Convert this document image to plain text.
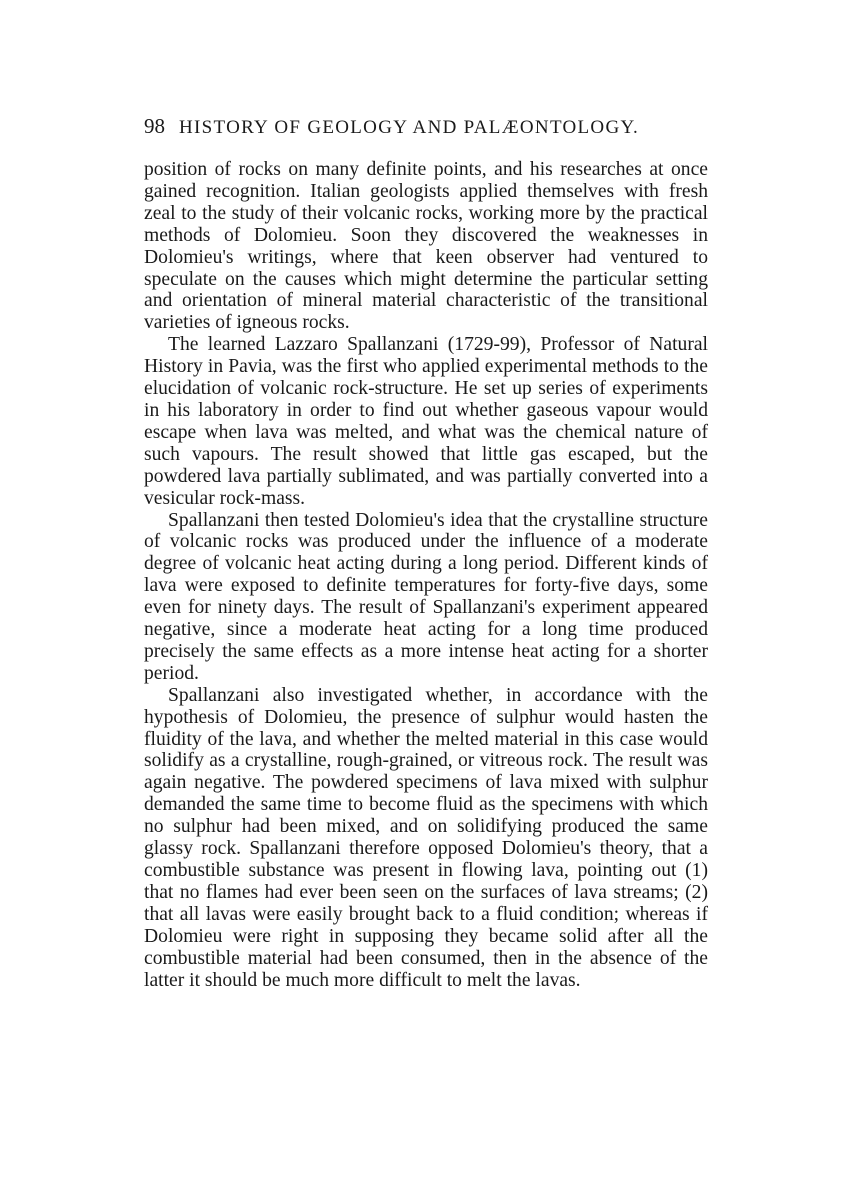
98 HISTORY OF GEOLOGY AND PALÆONTOLOGY.

position of rocks on many definite points, and his researches at once gained recognition. Italian geologists applied themselves with fresh zeal to the study of their volcanic rocks, working more by the practical methods of Dolomieu. Soon they discovered the weaknesses in Dolomieu's writings, where that keen observer had ventured to speculate on the causes which might determine the particular setting and orientation of mineral material characteristic of the transitional varieties of igneous rocks.

The learned Lazzaro Spallanzani (1729-99), Professor of Natural History in Pavia, was the first who applied experimental methods to the elucidation of volcanic rock-structure. He set up series of experiments in his laboratory in order to find out whether gaseous vapour would escape when lava was melted, and what was the chemical nature of such vapours. The result showed that little gas escaped, but the powdered lava partially sublimated, and was partially converted into a vesicular rock-mass.

Spallanzani then tested Dolomieu's idea that the crystalline structure of volcanic rocks was produced under the influence of a moderate degree of volcanic heat acting during a long period. Different kinds of lava were exposed to definite temperatures for forty-five days, some even for ninety days. The result of Spallanzani's experiment appeared negative, since a moderate heat acting for a long time produced precisely the same effects as a more intense heat acting for a shorter period.

Spallanzani also investigated whether, in accordance with the hypothesis of Dolomieu, the presence of sulphur would hasten the fluidity of the lava, and whether the melted material in this case would solidify as a crystalline, rough-grained, or vitreous rock. The result was again negative. The powdered specimens of lava mixed with sulphur demanded the same time to become fluid as the specimens with which no sulphur had been mixed, and on solidifying produced the same glassy rock. Spallanzani therefore opposed Dolomieu's theory, that a combustible substance was present in flowing lava, pointing out (1) that no flames had ever been seen on the surfaces of lava streams; (2) that all lavas were easily brought back to a fluid condition; whereas if Dolomieu were right in supposing they became solid after all the combustible material had been consumed, then in the absence of the latter it should be much more difficult to melt the lavas.
